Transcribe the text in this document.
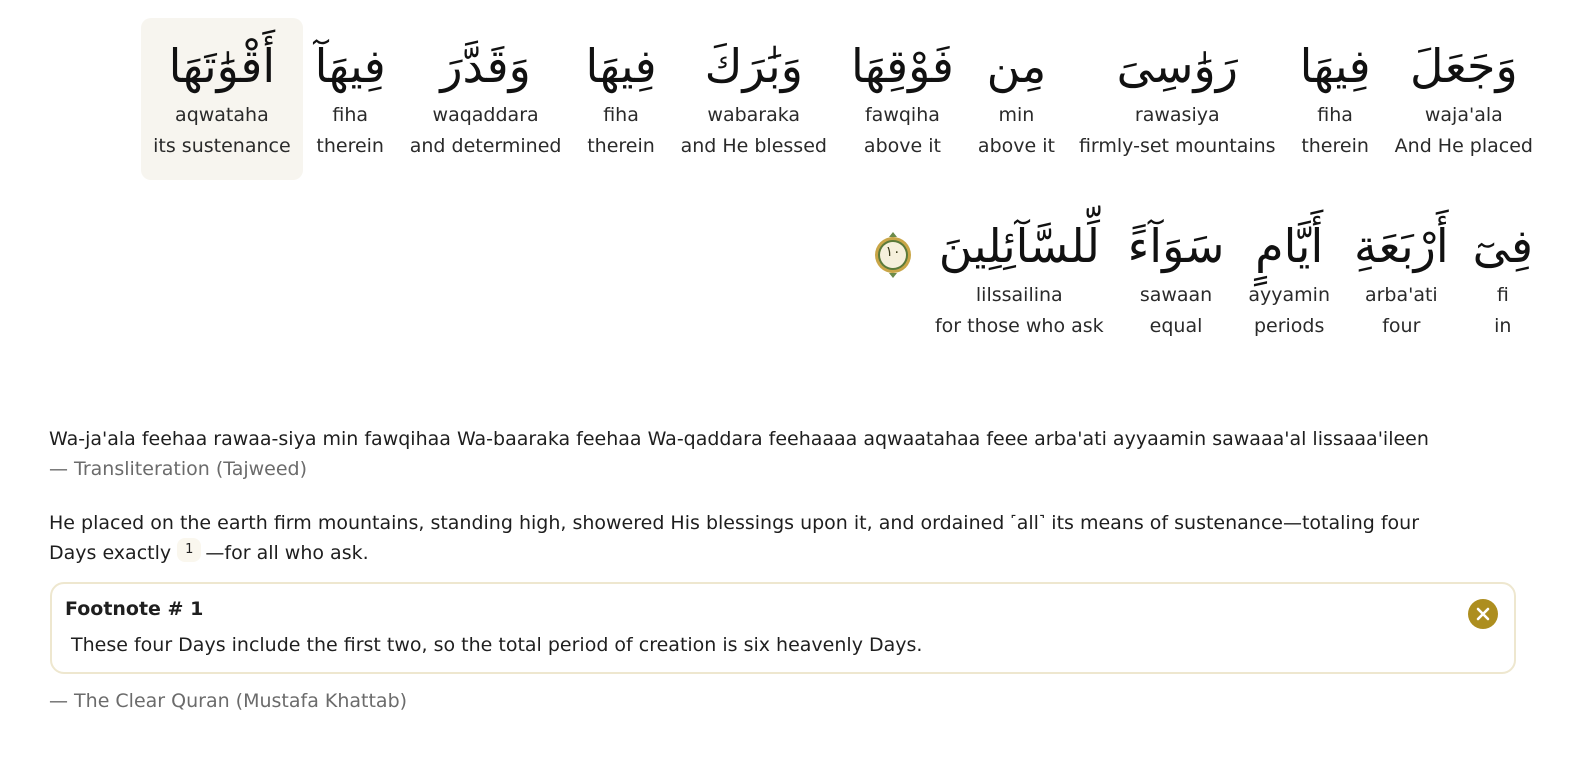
وَجَعَلَ
waja'ala
And He placed
فِيهَا
fiha
therein
رَوَٰسِىَ
rawasiya
firmly-set mountains
مِن
min
above it
فَوْقِهَا
fawqiha
above it
وَبَٰرَكَ
wabaraka
and He blessed
فِيهَا
fiha
therein
وَقَدَّرَ
waqaddara
and determined
فِيهَآ
fiha
therein
أَقْوَٰتَهَا
aqwataha
its sustenance
فِىٓ
fi
in
أَرْبَعَةِ
arba'ati
four
أَيَّامٍ
ayyamin
periods
سَوَآءً
sawaan
equal
لِّلسَّآئِلِينَ
lilssailina
for those who ask
١٠
Wa-ja'ala feehaa rawaa-siya min fawqihaa Wa-baaraka feehaa Wa-qaddara feehaaaa aqwaatahaa feee arba'ati ayyaamin sawaaa'al lissaaa'ileen
— Transliteration (Tajweed)
He placed on the earth firm mountains, standing high, showered His blessings upon it, and ordained ˹all˺ its means of sustenance—totaling four Days exactly 1 —for all who ask.
Footnote # 1
These four Days include the first two, so the total period of creation is six heavenly Days.
— The Clear Quran (Mustafa Khattab)
